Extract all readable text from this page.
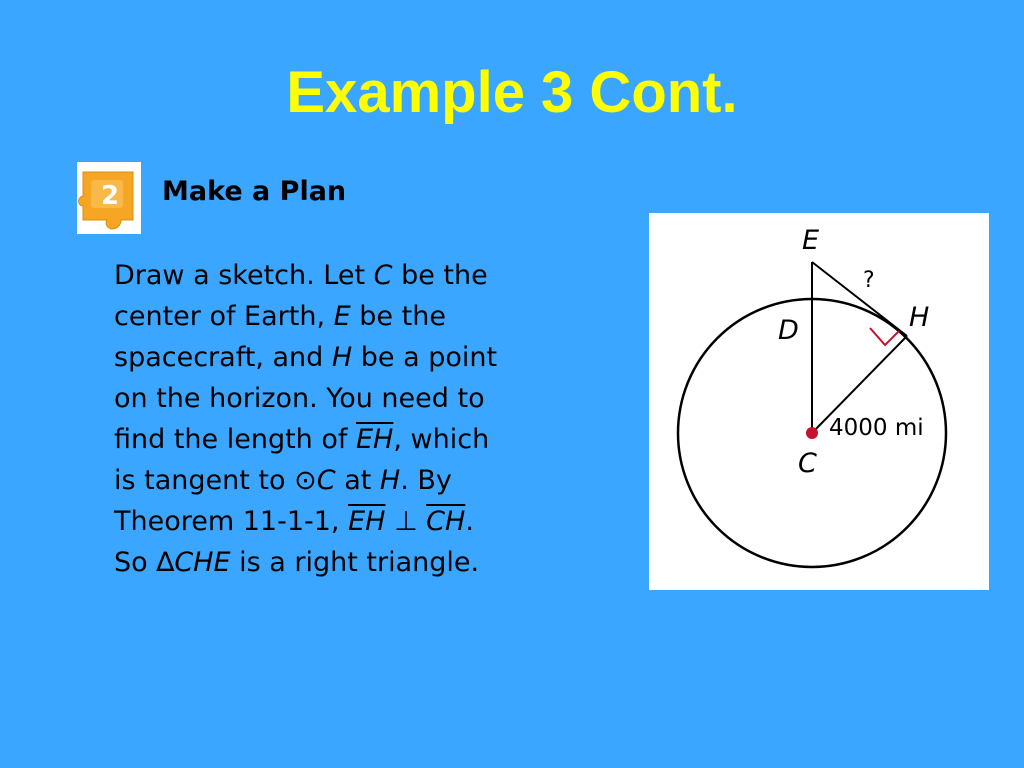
Example 3 Cont.
2 Make a Plan
Draw a sketch. Let C be the
center of Earth, E be the
spacecraft, and H be a point
on the horizon. You need to
find the length of $\overline{EH}$, which
is tangent to ⊙C at H. By
Theorem 11-1-1, $\overline{EH}$ ⊥ $\overline{CH}$.
So ∆CHE is a right triangle.
E
?
H
D
C
4000 mi
